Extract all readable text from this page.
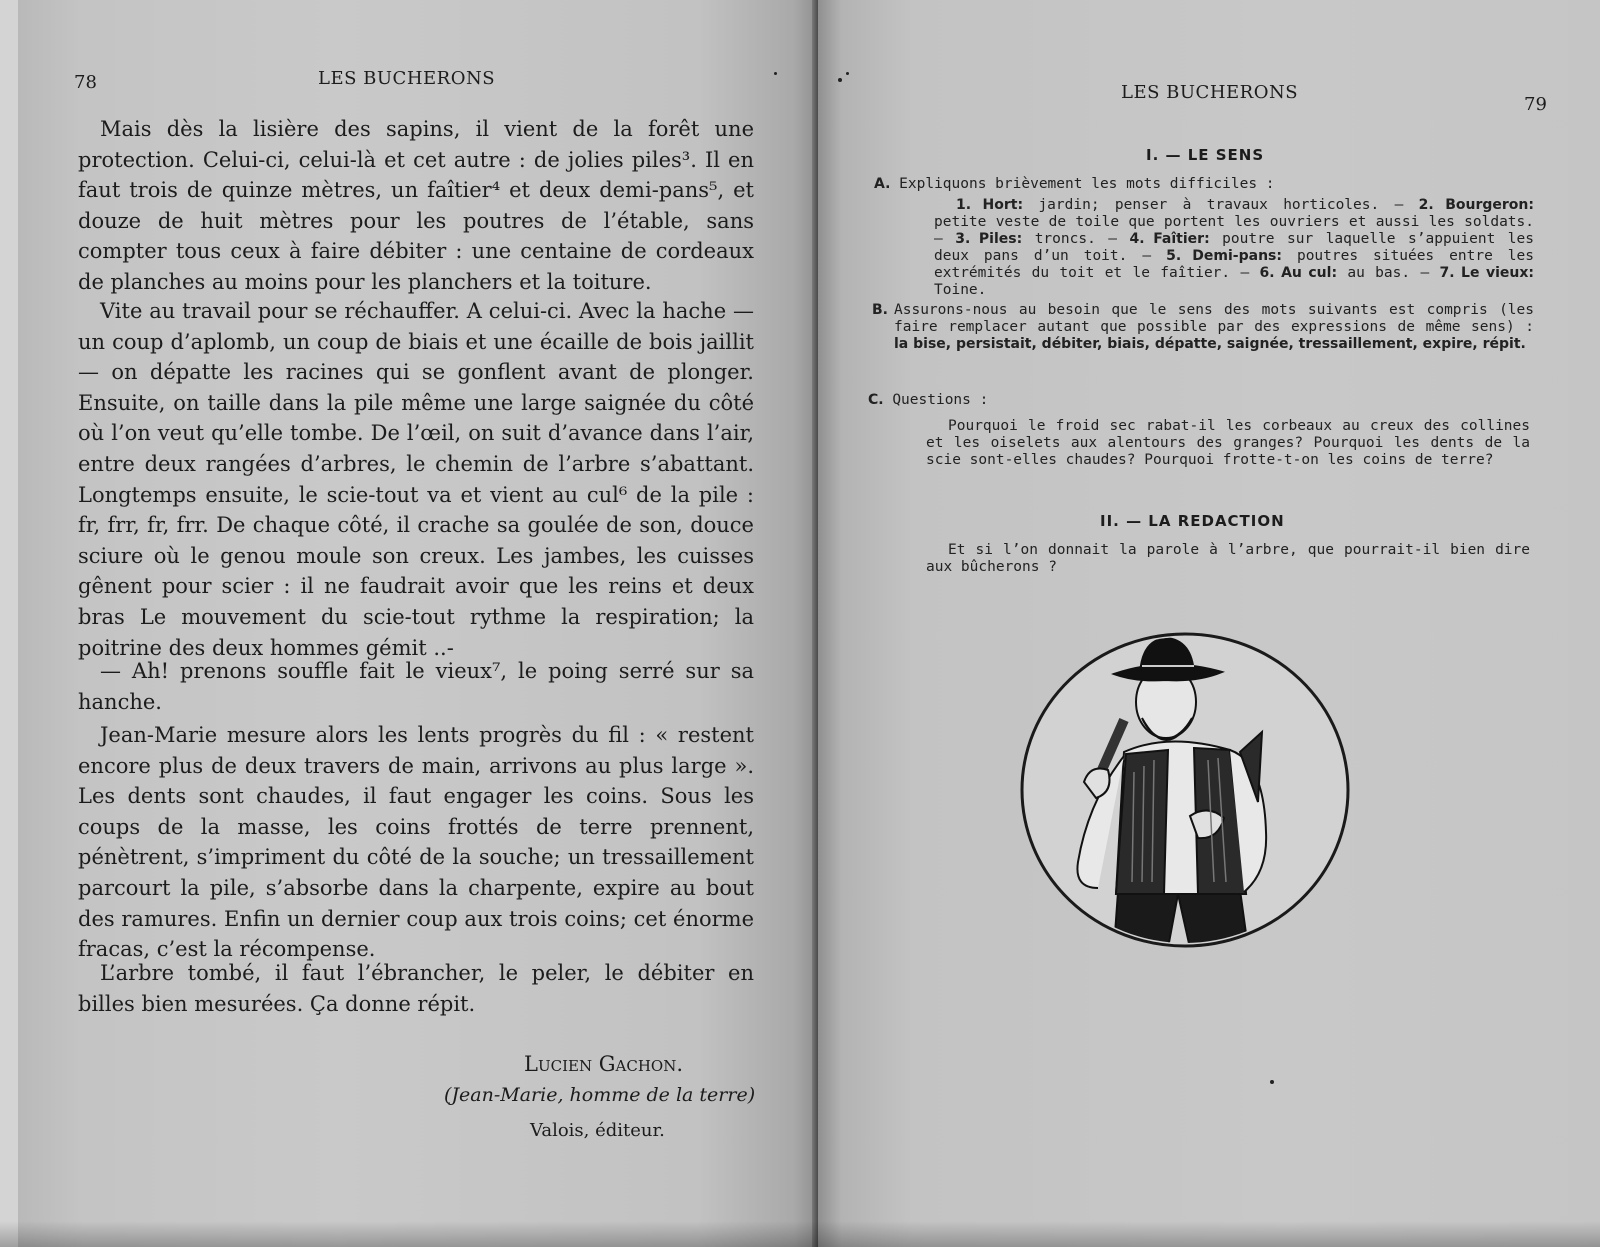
78	LES BUCHERONS

Mais dès la lisière des sapins, il vient de la forêt une protection. Celui-ci, celui-là et cet autre : de jolies piles³. Il en faut trois de quinze mètres, un faîtier⁴ et deux demi-pans⁵, et douze de huit mètres pour les poutres de l’étable, sans compter tous ceux à faire débiter : une centaine de cordeaux de planches au moins pour les planchers et la toiture.

Vite au travail pour se réchauffer. A celui-ci. Avec la hache — un coup d’aplomb, un coup de biais et une écaille de bois jaillit — on dépatte les racines qui se gonflent avant de plonger. Ensuite, on taille dans la pile même une large saignée du côté où l’on veut qu’elle tombe. De l’œil, on suit d’avance dans l’air, entre deux rangées d’arbres, le chemin de l’arbre s’abattant. Longtemps ensuite, le scie-tout va et vient au cul⁶ de la pile : fr, frr, fr, frr. De chaque côté, il crache sa goulée de son, douce sciure où le genou moule son creux. Les jambes, les cuisses gênent pour scier : il ne faudrait avoir que les reins et deux bras Le mouvement du scie-tout rythme la respiration; la poitrine des deux hommes gémit ..-

— Ah! prenons souffle fait le vieux⁷, le poing serré sur sa hanche.

Jean-Marie mesure alors les lents progrès du fil : « restent encore plus de deux travers de main, arrivons au plus large ». Les dents sont chaudes, il faut engager les coins. Sous les coups de la masse, les coins frottés de terre prennent, pénètrent, s’impriment du côté de la souche; un tressaillement parcourt la pile, s’absorbe dans la charpente, expire au bout des ramures. Enfin un dernier coup aux trois coins; cet énorme fracas, c’est la récompense.

L’arbre tombé, il faut l’ébrancher, le peler, le débiter en billes bien mesurées. Ça donne répit.

Lucien Gachon.
(Jean-Marie, homme de la terre)
Valois, éditeur.
LES BUCHERONS
79
I. — LE SENS
A. Expliquons brièvement les mots difficiles :
1. Hort: jardin; penser à travaux horticoles. — 2. Bourgeron: petite veste de toile que portent les ouvriers et aussi les soldats. — 3. Piles: troncs. — 4. Faîtier: poutre sur laquelle s’appuient les deux pans d’un toit. — 5. Demi-pans: poutres situées entre les extrémités du toit et le faîtier. — 6. Au cul: au bas. — 7. Le vieux: Toine.
B. Assurons-nous au besoin que le sens des mots suivants est compris (les faire remplacer autant que possible par des expressions de même sens) : la bise, persistait, débiter, biais, dépatte, saignée, tressaillement, expire, répit.
C. Questions :
Pourquoi le froid sec rabat-il les corbeaux au creux des collines et les oiselets aux alentours des granges? Pourquoi les dents de la scie sont-elles chaudes? Pourquoi frotte-t-on les coins de terre?
II. — LA REDACTION
Et si l’on donnait la parole à l’arbre, que pourrait-il bien dire aux bûcherons ?
